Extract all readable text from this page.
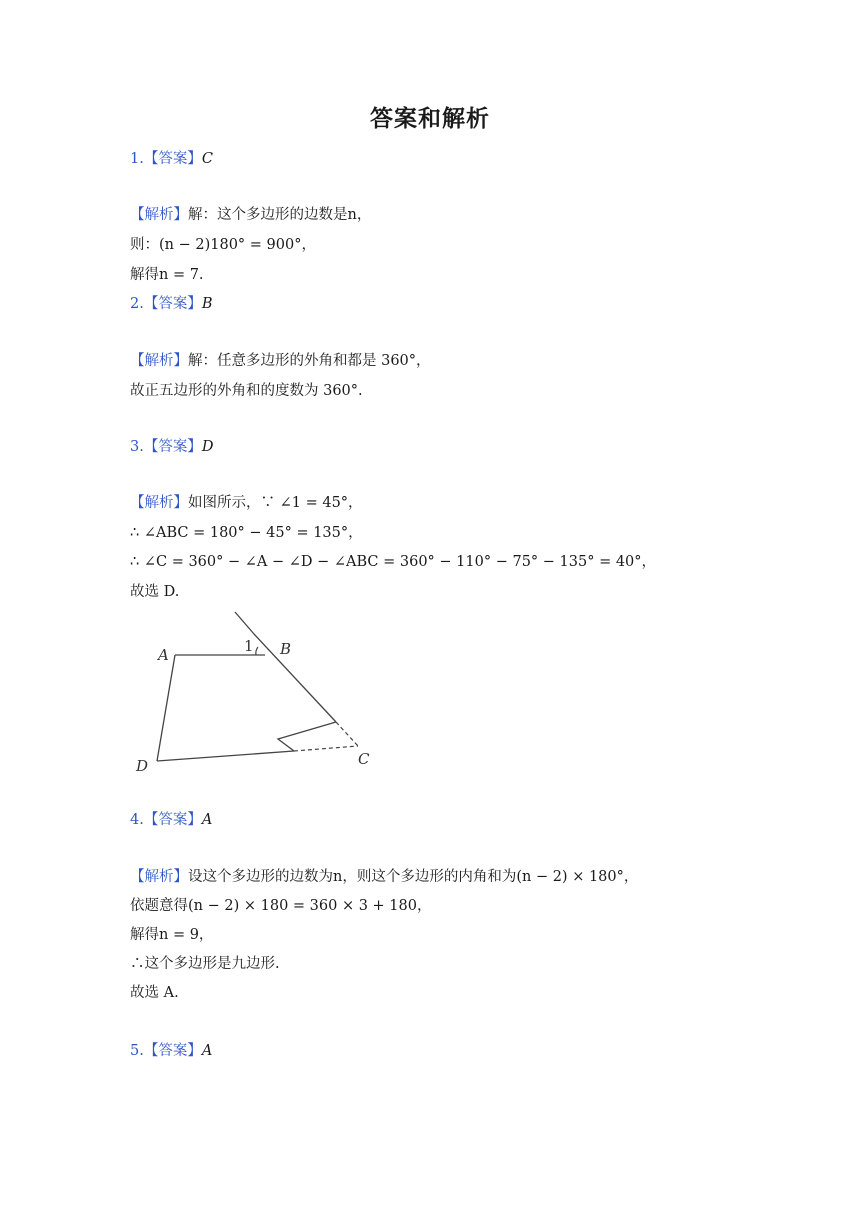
答案和解析
1.【答案】C
【解析】解：这个多边形的边数是n，
则：(n − 2)180° = 900°，
解得n = 7.
2.【答案】B
【解析】解：任意多边形的外角和都是 360°，
故正五边形的外角和的度数为 360°.
3.【答案】D
【解析】如图所示，∵ ∠1 = 45°，
∴ ∠ABC = 180° − 45° = 135°，
∴ ∠C = 360° − ∠A − ∠D − ∠ABC = 360° − 110° − 75° − 135° = 40°，
故选 D.
A	B
C
D
1
4.【答案】A
【解析】设这个多边形的边数为n，则这个多边形的内角和为(n − 2) × 180°，
依题意得(n − 2) × 180 = 360 × 3 + 180，
解得n = 9，
∴这个多边形是九边形.
故选 A.
5.【答案】A
